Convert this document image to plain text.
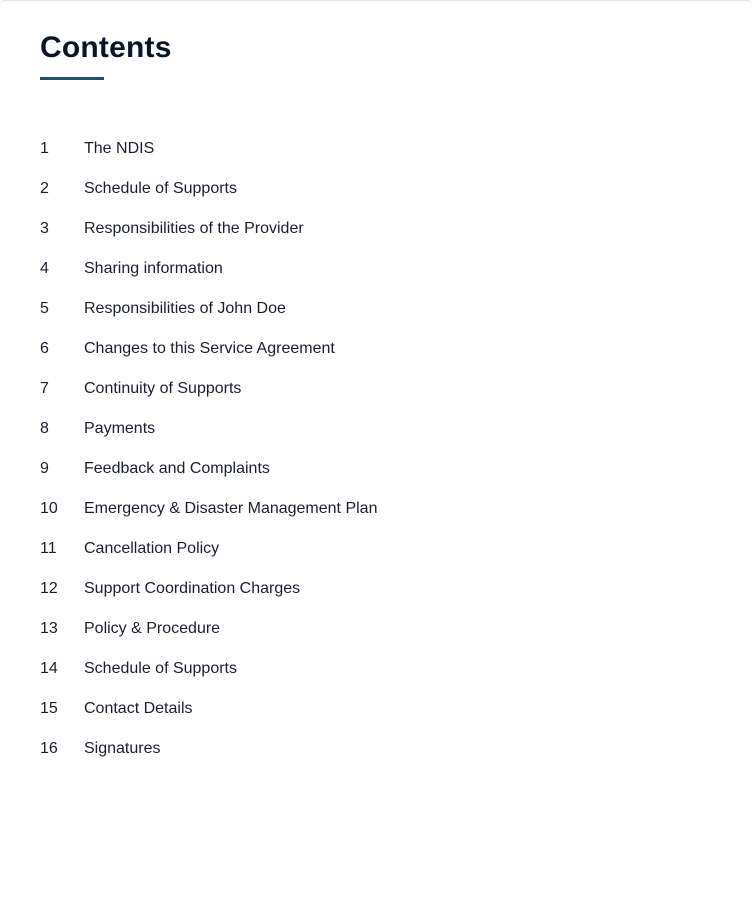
Contents
1	The NDIS
2	Schedule of Supports
3	Responsibilities of the Provider
4	Sharing information
5	Responsibilities of John Doe
6	Changes to this Service Agreement
7	Continuity of Supports
8	Payments
9	Feedback and Complaints
10	Emergency & Disaster Management Plan
11	Cancellation Policy
12	Support Coordination Charges
13	Policy & Procedure
14	Schedule of Supports
15	Contact Details
16	Signatures
